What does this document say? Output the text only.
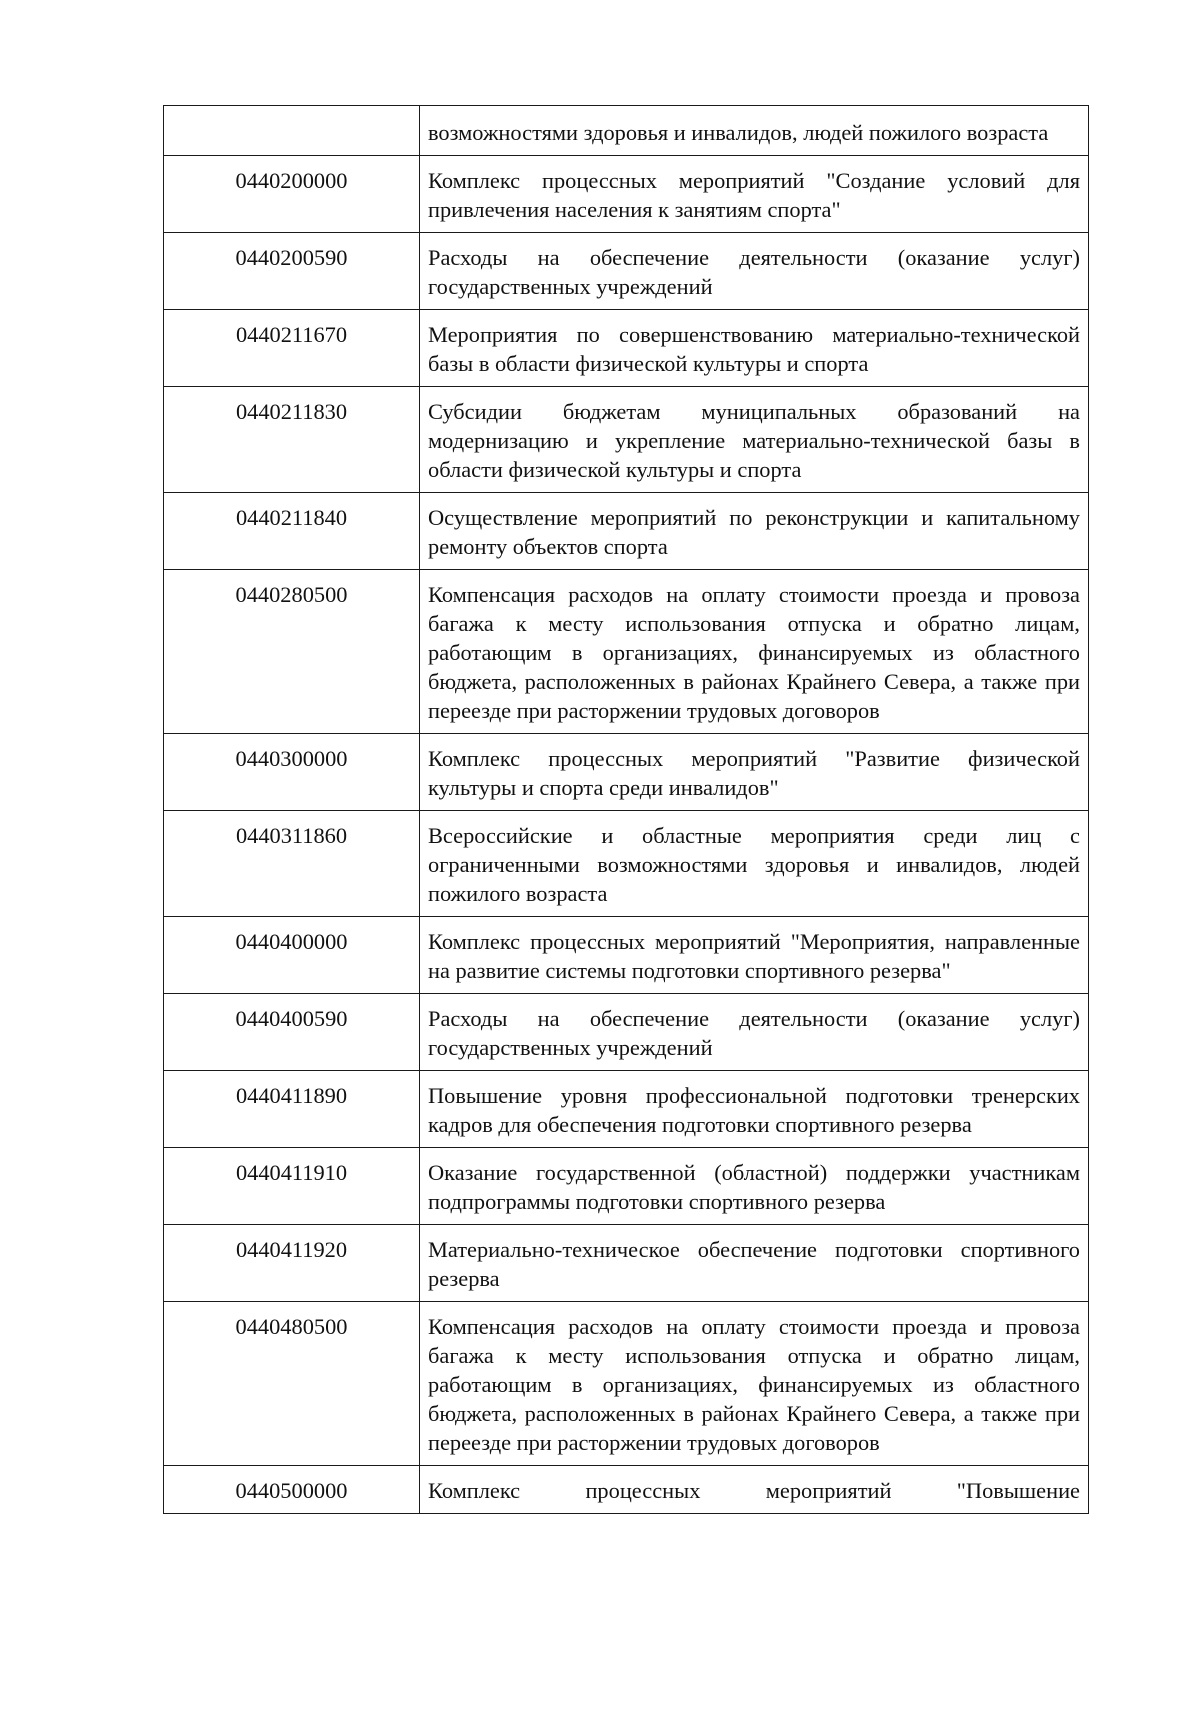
	возможностями здоровья и инвалидов, людей пожилого возраста
0440200000	Комплекс процессных мероприятий "Создание условий для привлечения населения к занятиям спорта"
0440200590	Расходы на обеспечение деятельности (оказание услуг) государственных учреждений
0440211670	Мероприятия по совершенствованию материально-технической базы в области физической культуры и спорта
0440211830	Субсидии бюджетам муниципальных образований на модернизацию и укрепление материально-технической базы в области физической культуры и спорта
0440211840	Осуществление мероприятий по реконструкции и капитальному ремонту объектов спорта
0440280500	Компенсация расходов на оплату стоимости проезда и провоза багажа к месту использования отпуска и обратно лицам, работающим в организациях, финансируемых из областного бюджета, расположенных в районах Крайнего Севера, а также при переезде при расторжении трудовых договоров
0440300000	Комплекс процессных мероприятий "Развитие физической культуры и спорта среди инвалидов"
0440311860	Всероссийские и областные мероприятия среди лиц с ограниченными возможностями здоровья и инвалидов, людей пожилого возраста
0440400000	Комплекс процессных мероприятий "Мероприятия, направленные на развитие системы подготовки спортивного резерва"
0440400590	Расходы на обеспечение деятельности (оказание услуг) государственных учреждений
0440411890	Повышение уровня профессиональной подготовки тренерских кадров для обеспечения подготовки спортивного резерва
0440411910	Оказание государственной (областной) поддержки участникам подпрограммы подготовки спортивного резерва
0440411920	Материально-техническое обеспечение подготовки спортивного резерва
0440480500	Компенсация расходов на оплату стоимости проезда и провоза багажа к месту использования отпуска и обратно лицам, работающим в организациях, финансируемых из областного бюджета, расположенных в районах Крайнего Севера, а также при переезде при расторжении трудовых договоров
0440500000	Комплекс процессных мероприятий "Повышение
